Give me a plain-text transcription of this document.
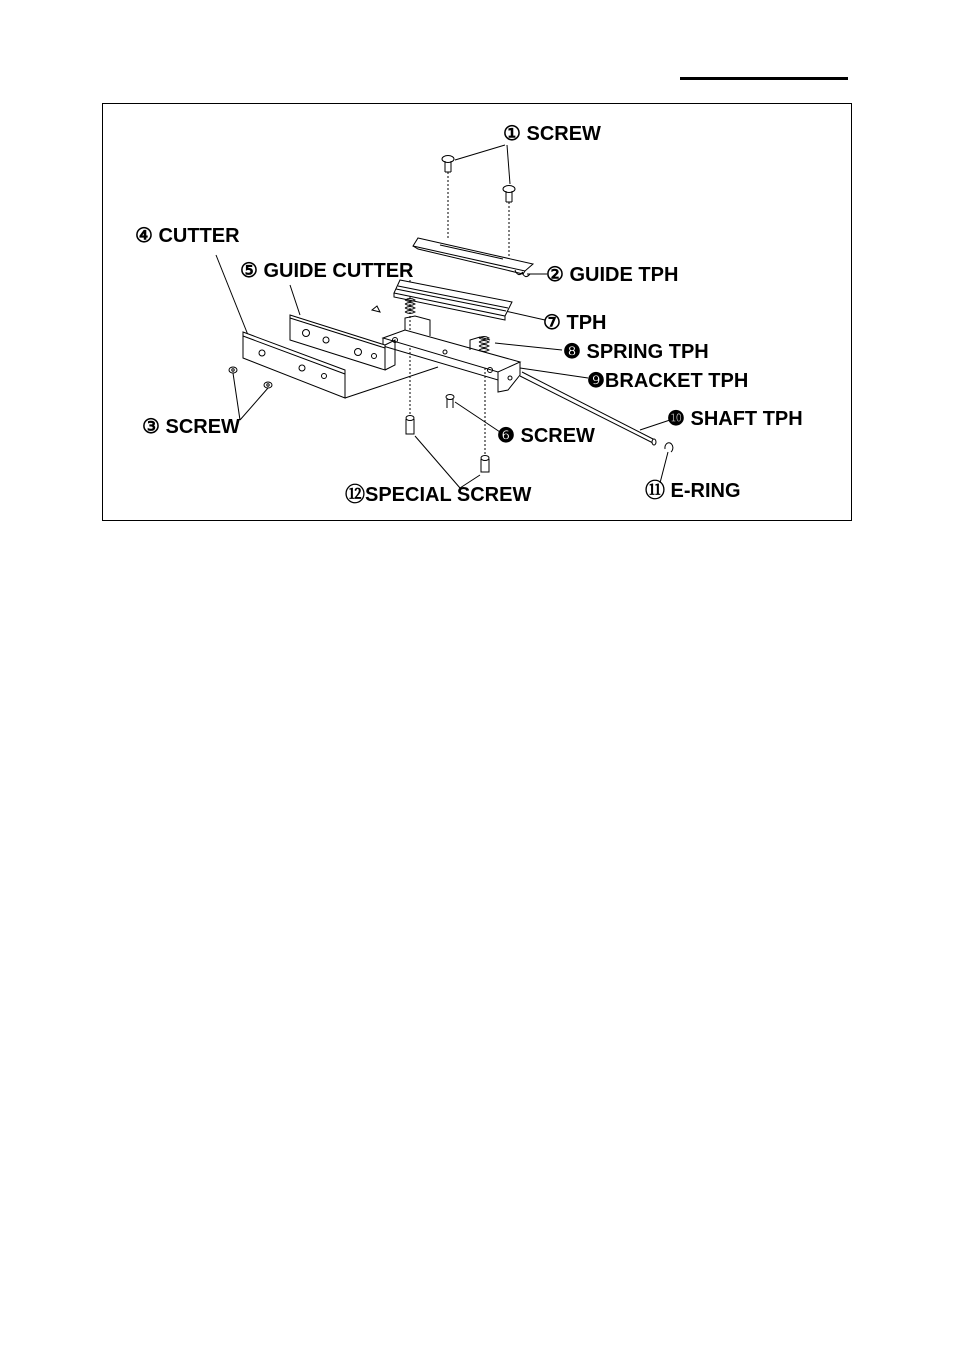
① SCREW
④ CUTTER
⑤ GUIDE CUTTER	② GUIDE TPH
⑦ TPH
❽ SPRING TPH
❾BRACKET TPH
❿ SHAFT TPH
③ SCREW	❻ SCREW
⑪ E-RING
⑫SPECIAL SCREW
